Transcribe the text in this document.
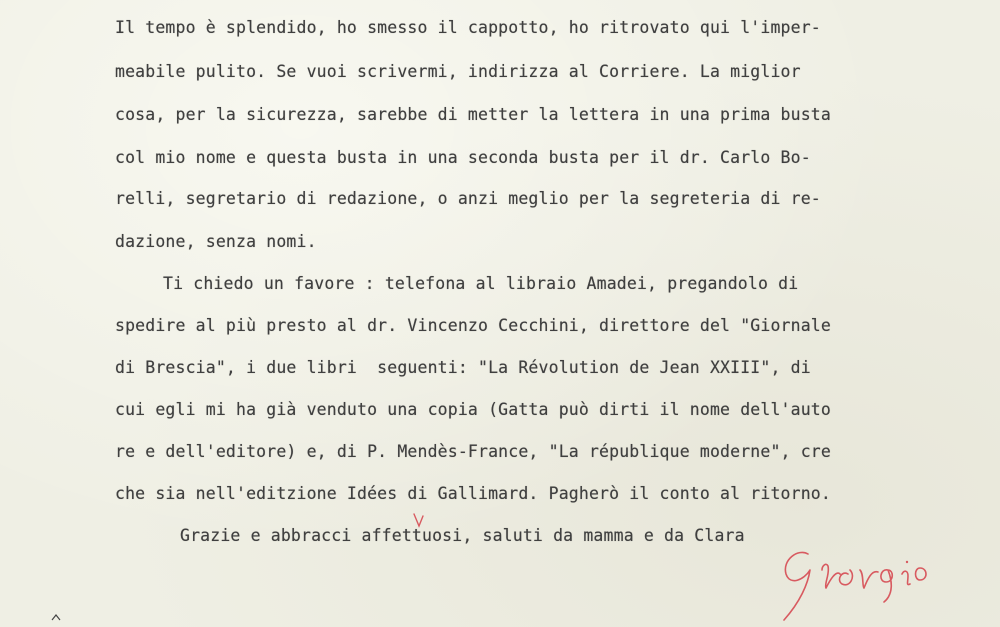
Il tempo è splendido, ho smesso il cappotto, ho ritrovato qui l'imper-
meabile pulito. Se vuoi scrivermi, indirizza al Corriere. La miglior
cosa, per la sicurezza, sarebbe di metter la lettera in una prima busta
col mio nome e questa busta in una seconda busta per il dr. Carlo Bo-
relli, segretario di redazione, o anzi meglio per la segreteria di re-
dazione, senza nomi.
Ti chiedo un favore : telefona al libraio Amadei, pregandolo di
spedire al più presto al dr. Vincenzo Cecchini, direttore del "Giornale
di Brescia", i due libri  seguenti: "La Révolution de Jean XXIII", di
cui egli mi ha già venduto una copia (Gatta può dirti il nome dell'auto
re e dell'editore) e, di P. Mendès-France, "La république moderne", cre
che sia nell'editzione Idées di Gallimard. Pagherò il conto al ritorno.
Grazie e abbracci affettuosi, saluti da mamma e da Clara
